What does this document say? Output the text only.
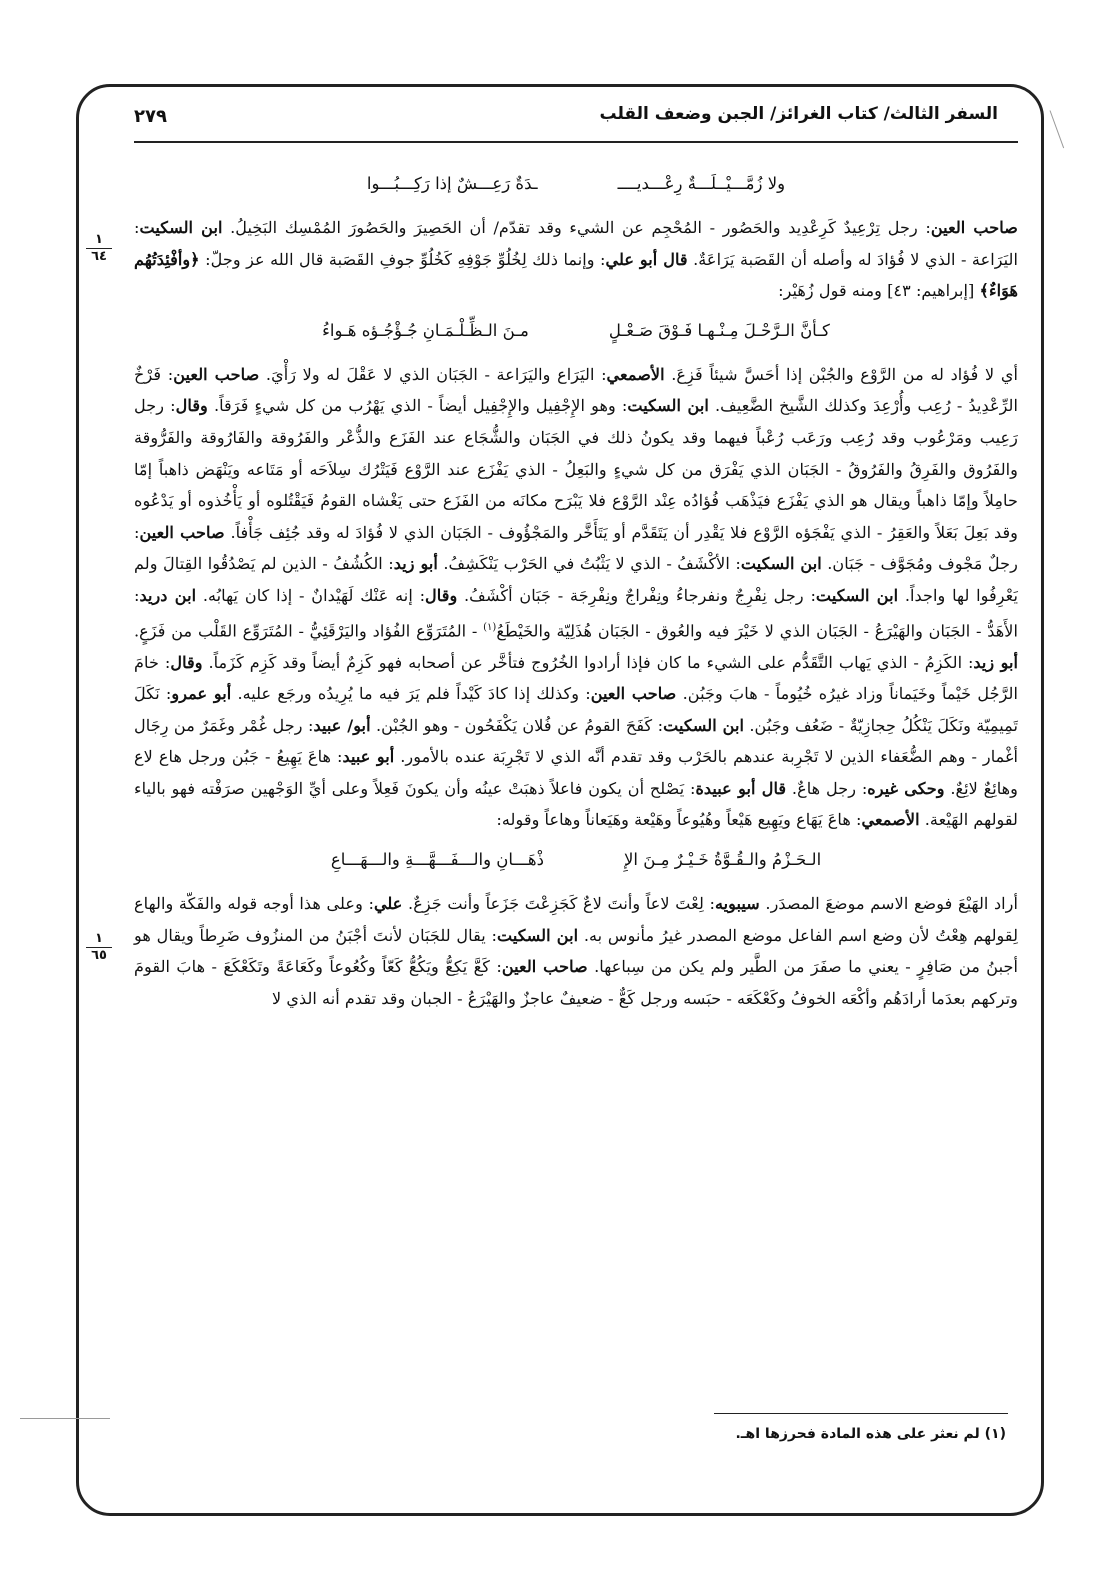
٢٧٩	السفر الثالث/ كتاب الغرائز/ الجبن وضعف القلب
١
٦٤
١
٦٥
ولا زُمَّـــيْــلَـــةٌ رِعْـــديــــ
ـدَةٌ رَعِـــشٌ إذا رَكِـــبُـــوا

صاحب العين: رجل تِرْعِيدٌ كَرِعْدِيد والحَصُور - المُحْجِم عن الشيء وقد تقدّم/ أن الحَصِيرَ والحَصُورَ المُمْسِك البَخِيلُ. ابن السكيت: اليَرَاعة - الذي لا فُؤادَ له وأصله أن القَصَبة يَرَاعَةٌ. قال أبو علي: وإنما ذلك لِخُلُوِّ جَوْفِهِ كَخُلُوِّ جوفِ القَصَبة قال الله عز وجلّ: ﴿وأفْئِدَتُهُم هَوَاءٌ﴾ [إبراهيم: ٤٣] ومنه قول زُهَيْر:

كـأنَّ الـرَّحْـلَ مِـنْـهـا فَـوْقَ صَـعْـلٍ
مـنَ الـظِّـلْـمَـانِ جُـؤْجُـؤه هَـواءُ

أي لا فُؤاد له من الرَّوْع والجُبْن إذا أحَسَّ شيئاً فَزِعَ. الأصمعي: اليَرَاع واليَرَاعة - الجَبَان الذي لا عَقْلَ له ولا رَأْيَ. صاحب العين: فَرْخٌ الرِّعْدِيدُ - رُعِب وأُرْعِدَ وكذلك الشَّيخ الضَّعِيف. ابن السكيت: وهو الإِجْفِيل والإِجْفِيل أيضاً - الذي يَهْرُب من كل شيءٍ فَرَقاً. وقال: رجل رَعِيب ومَرْعُوب وقد رُعِب ورَعَب رُعْباً فيهما وقد يكونُ ذلك في الجَبَان والشُّجَاع عند الفَزَع والذُّعْر والفَرُوقة والفَارُوقة والفَرُّوقة والفَرُوق والفَرِقُ والفَرُوقُ - الجَبَان الذي يَفْرَق من كل شيءٍ والبَعِلُ - الذي يَفْزَع عند الرَّوْع فَيَتْرُك سِلاَحَه أو مَتَاعه ويَنْهَض ذاهباً إمّا حامِلاً وإمّا ذاهباً ويقال هو الذي يَفْزَع فيَذْهَب فُؤادُه عِنْد الرَّوْع فلا يَبْرَح مكانَه من الفَزَع حتى يَغْشاه القومُ فَيَقْتُلوه أو يَأْخُذوه أو يَدْعُوه وقد بَعِلَ بَعَلاً والعَقِرُ - الذي يَفْجَؤه الرَّوْع فلا يَقْدِر أن يَتَقَدَّم أو يَتَأَخَّر والمَجْؤُوف - الجَبَان الذي لا فُؤادَ له وقد جُئِف جَأْفاً. صاحب العين: رجلٌ مَجْوف ومُجَوَّف - جَبَان. ابن السكيت: الأكْشَفُ - الذي لا يَثْبُتُ في الحَرْب يَنْكَشِفُ. أبو زيد: الكُشُفُ - الذين لم يَصْدُقُوا القِتالَ ولم يَعْرِفُوا لها واجداً. ابن السكيت: رجل نِفْرِجٌ ونفرجاءُ ونِفْراجٌ ونِفْرِجَة - جَبَان أكْشَفُ. وقال: إنه عَنْك لَهَيْدانٌ - إذا كان يَهابُه. ابن دريد: الأَهَدُّ - الجَبَان والهَيْرَعُ - الجَبَان الذي لا خَيْرَ فيه والعُوق - الجَبَان هُذَلِيّة والخَيْطَعُ$^{(١)}$ - المُتَرَوِّع الفُؤاد واليَرْقَئِيُّ - المُتَرَوِّع القَلْب من فَزَعٍ. أبو زيد: الكَزِمُ - الذي يَهاب التَّقَدُّم على الشيء ما كان فإذا أرادوا الخُرُوج فتأخَّر عن أصحابه فهو كَزِمٌ أيضاً وقد كَزِم كَزَماً. وقال: خامَ الرَّجُل خَيْماً وخَيَماناً وزاد غيرُه خُيُوماً - هابَ وجَبُن. صاحب العين: وكذلك إذا كادَ كَيْداً فلم يَرَ فيه ما يُرِيدُه ورجَع عليه. أبو عمرو: نَكَلَ تَمِيمِيّة ونَكَلَ يَنْكُلُ حِجازِيّةٌ - ضَعُف وجَبُن. ابن السكيت: كَفَحَ القومُ عن فُلان يَكْفَحُون - وهو الجُبْن. أبو/ عبيد: رجل غُمْر وغَمَرٌ من رِجَال أغْمار - وهم الضُّعَفاء الذين لا تَجْرِبة عندهم بالحَرْب وقد تقدم أنَّه الذي لا تَجْرِبَة عنده بالأمور. أبو عبيد: هاعَ يَهِيعُ - جَبُن ورجل هاع لاع وهائِعٌ لائِعٌ. وحكى غيره: رجل هاعٌ. قال أبو عبيدة: يَصْلح أن يكون فاعلاً ذهبَتْ عينُه وأن يكونَ فَعِلاً وعلى أيِّ الوَجْهين صرَفْته فهو بالياء لقولهم الهَيْعة. الأصمعي: هاعَ يَهَاع ويَهِيع هَيْعاً وهُيُوعاً وهَيْعة وهَيَعاناً وهاعاً وقوله:

الـحَـزْمُ والـقُـوَّةُ خَـيْـرٌ مِـنَ الإِ
ذْهَـــانِ والـــفَـــهَّـــةِ والـــهَـــاعِ

أراد الهَيْعَ فوضع الاسم موضعَ المصدَر. سيبويه: لِعْتَ لاعاً وأنتَ لاعٌ كَجَزِعْتَ جَزَعاً وأنت جَزِعٌ. علي: وعلى هذا أوجه قوله والفَكّة والهاع لِقولهم هِعْتُ لأن وضع اسم الفاعل موضع المصدر غيرُ مأنوس به. ابن السكيت: يقال للجَبَان لأنتَ أجْبَنُ من المنزُوف ضَرِطاً ويقال هو أجبنُ من صَافِرٍ - يعني ما صفَرَ من الطَّير ولم يكن من سِباعها. صاحب العين: كَعَّ يَكِعُّ ويَكُعُّ كَعّاً وكُعُوعاً وكَعَاعَةً وتَكَعْكَعَ - هابَ القومَ وتركهم بعدَما أرادَهُم وأكْعَه الخوفُ وكَعْكَعَه - حبَسه ورجل كَعٌّ - ضعيفٌ عاجزٌ والهَيْرَعُ - الجبان وقد تقدم أنه الذي لا

(١) لم نعثر على هذه المادة فحرزها اهـ.
